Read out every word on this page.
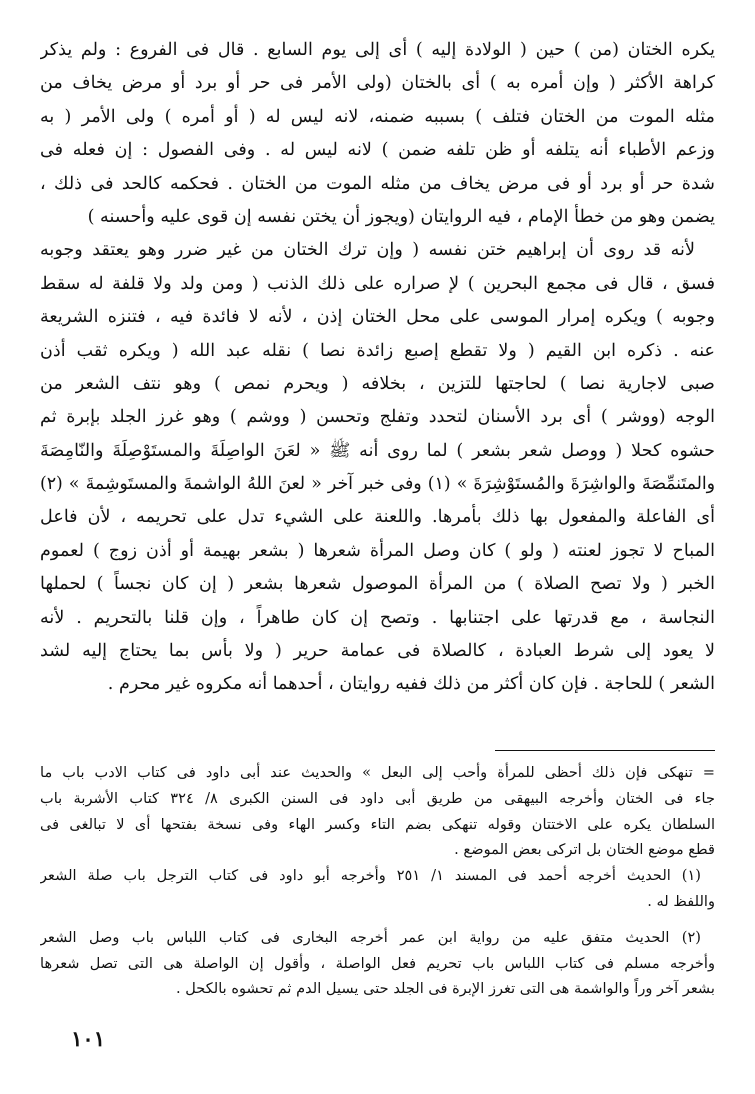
يكره الختان (من ) حين ( الولادة إليه ) أى إلى يوم السابع . قال فى الفروع : ولم يذكر
كراهة الأكثر ( وإن أمره به ) أى بالختان (ولى الأمر فى حر أو برد أو مرض يخاف من
مثله الموت من الختان فتلف ) بسببه ضمنه، لانه ليس له ( أو أمره ) ولى الأمر ( به
وزعم الأطباء أنه يتلفه أو ظن تلفه ضمن ) لانه ليس له . وفى الفصول : إن فعله فى
شدة حر أو برد أو فى مرض يخاف من مثله الموت من الختان . فحكمه كالحد فى ذلك ،
يضمن وهو من خطأ الإمام ، فيه الروايتان (ويجوز أن يختن نفسه إن قوى عليه وأحسنه )
لأنه قد روى أن إبراهيم ختن نفسه ( وإن ترك الختان من غير ضرر وهو يعتقد وجوبه
فسق ، قال فى مجمع البحرين ) لإ صراره على ذلك الذنب ( ومن ولد ولا قلفة له سقط
وجوبه ) ويكره إمرار الموسى على محل الختان إذن ، لأنه لا فائدة فيه ، فتنزه الشريعة
عنه . ذكره ابن القيم ( ولا تقطع إصبع زائدة نصا ) نقله عبد الله ( ويكره ثقب أذن
صبى لاجارية نصا ) لحاجتها للتزين ، بخلافه ( ويحرم نمص ) وهو نتف الشعر من
الوجه (ووشر ) أى برد الأسنان لتحدد وتفلج وتحسن ( ووشم ) وهو غرز الجلد بإبرة ثم
حشوه كحلا ( ووصل شعر بشعر ) لما روى أنه ﷺ « لعَنَ الواصِلَةَ والمستَوْصِلَةَ والنّامِصَةَ
والمتَنمِّصَةَ والواشِرَةَ والمُستَوْشِرَةَ » (١) وفى خبر آخر « لعنَ اللهُ الواشمةَ والمستَوشِمةَ » (٢)
أى الفاعلة والمفعول بها ذلك بأمرها. واللعنة على الشيء تدل على تحريمه ، لأن فاعل
المباح لا تجوز لعنته ( ولو ) كان وصل المرأة شعرها ( بشعر بهيمة أو أذن زوج ) لعموم
الخبر ( ولا تصح الصلاة ) من المرأة الموصول شعرها بشعر ( إن كان نجساً ) لحملها
النجاسة ، مع قدرتها على اجتنابها . وتصح إن كان طاهراً ، وإن قلنا بالتحريم . لأنه
لا يعود إلى شرط العبادة ، كالصلاة فى عمامة حرير ( ولا بأس بما يحتاج إليه لشد
الشعر ) للحاجة . فإن كان أكثر من ذلك ففيه روايتان ، أحدهما أنه مكروه غير محرم .
= تنهكى فإن ذلك أحظى للمرأة وأحب إلى البعل » والحديث عند أبى داود فى كتاب الادب باب ما
جاء فى الختان وأخرجه البيهقى من طريق أبى داود فى السنن الكبرى ٨/ ٣٢٤ كتاب الأشربة باب
السلطان يكره على الاختتان وقوله تنهكى بضم التاء وكسر الهاء وفى نسخة بفتحها أى لا تبالغى فى
قطع موضع الختان بل اتركى بعض الموضع .
(١) الحديث أخرجه أحمد فى المسند ١/ ٢٥١ وأخرجه أبو داود فى كتاب الترجل باب صلة الشعر
واللفظ له .
(٢) الحديث متفق عليه من رواية ابن عمر أخرجه البخارى فى كتاب اللباس باب وصل الشعر
وأخرجه مسلم فى كتاب اللباس باب تحريم فعل الواصلة ، وأقول إن الواصلة هى التى تصل شعرها
بشعر آخر وراً والواشمة هى التى تغرز الإبرة فى الجلد حتى يسيل الدم ثم تحشوه بالكحل .
١٠١
